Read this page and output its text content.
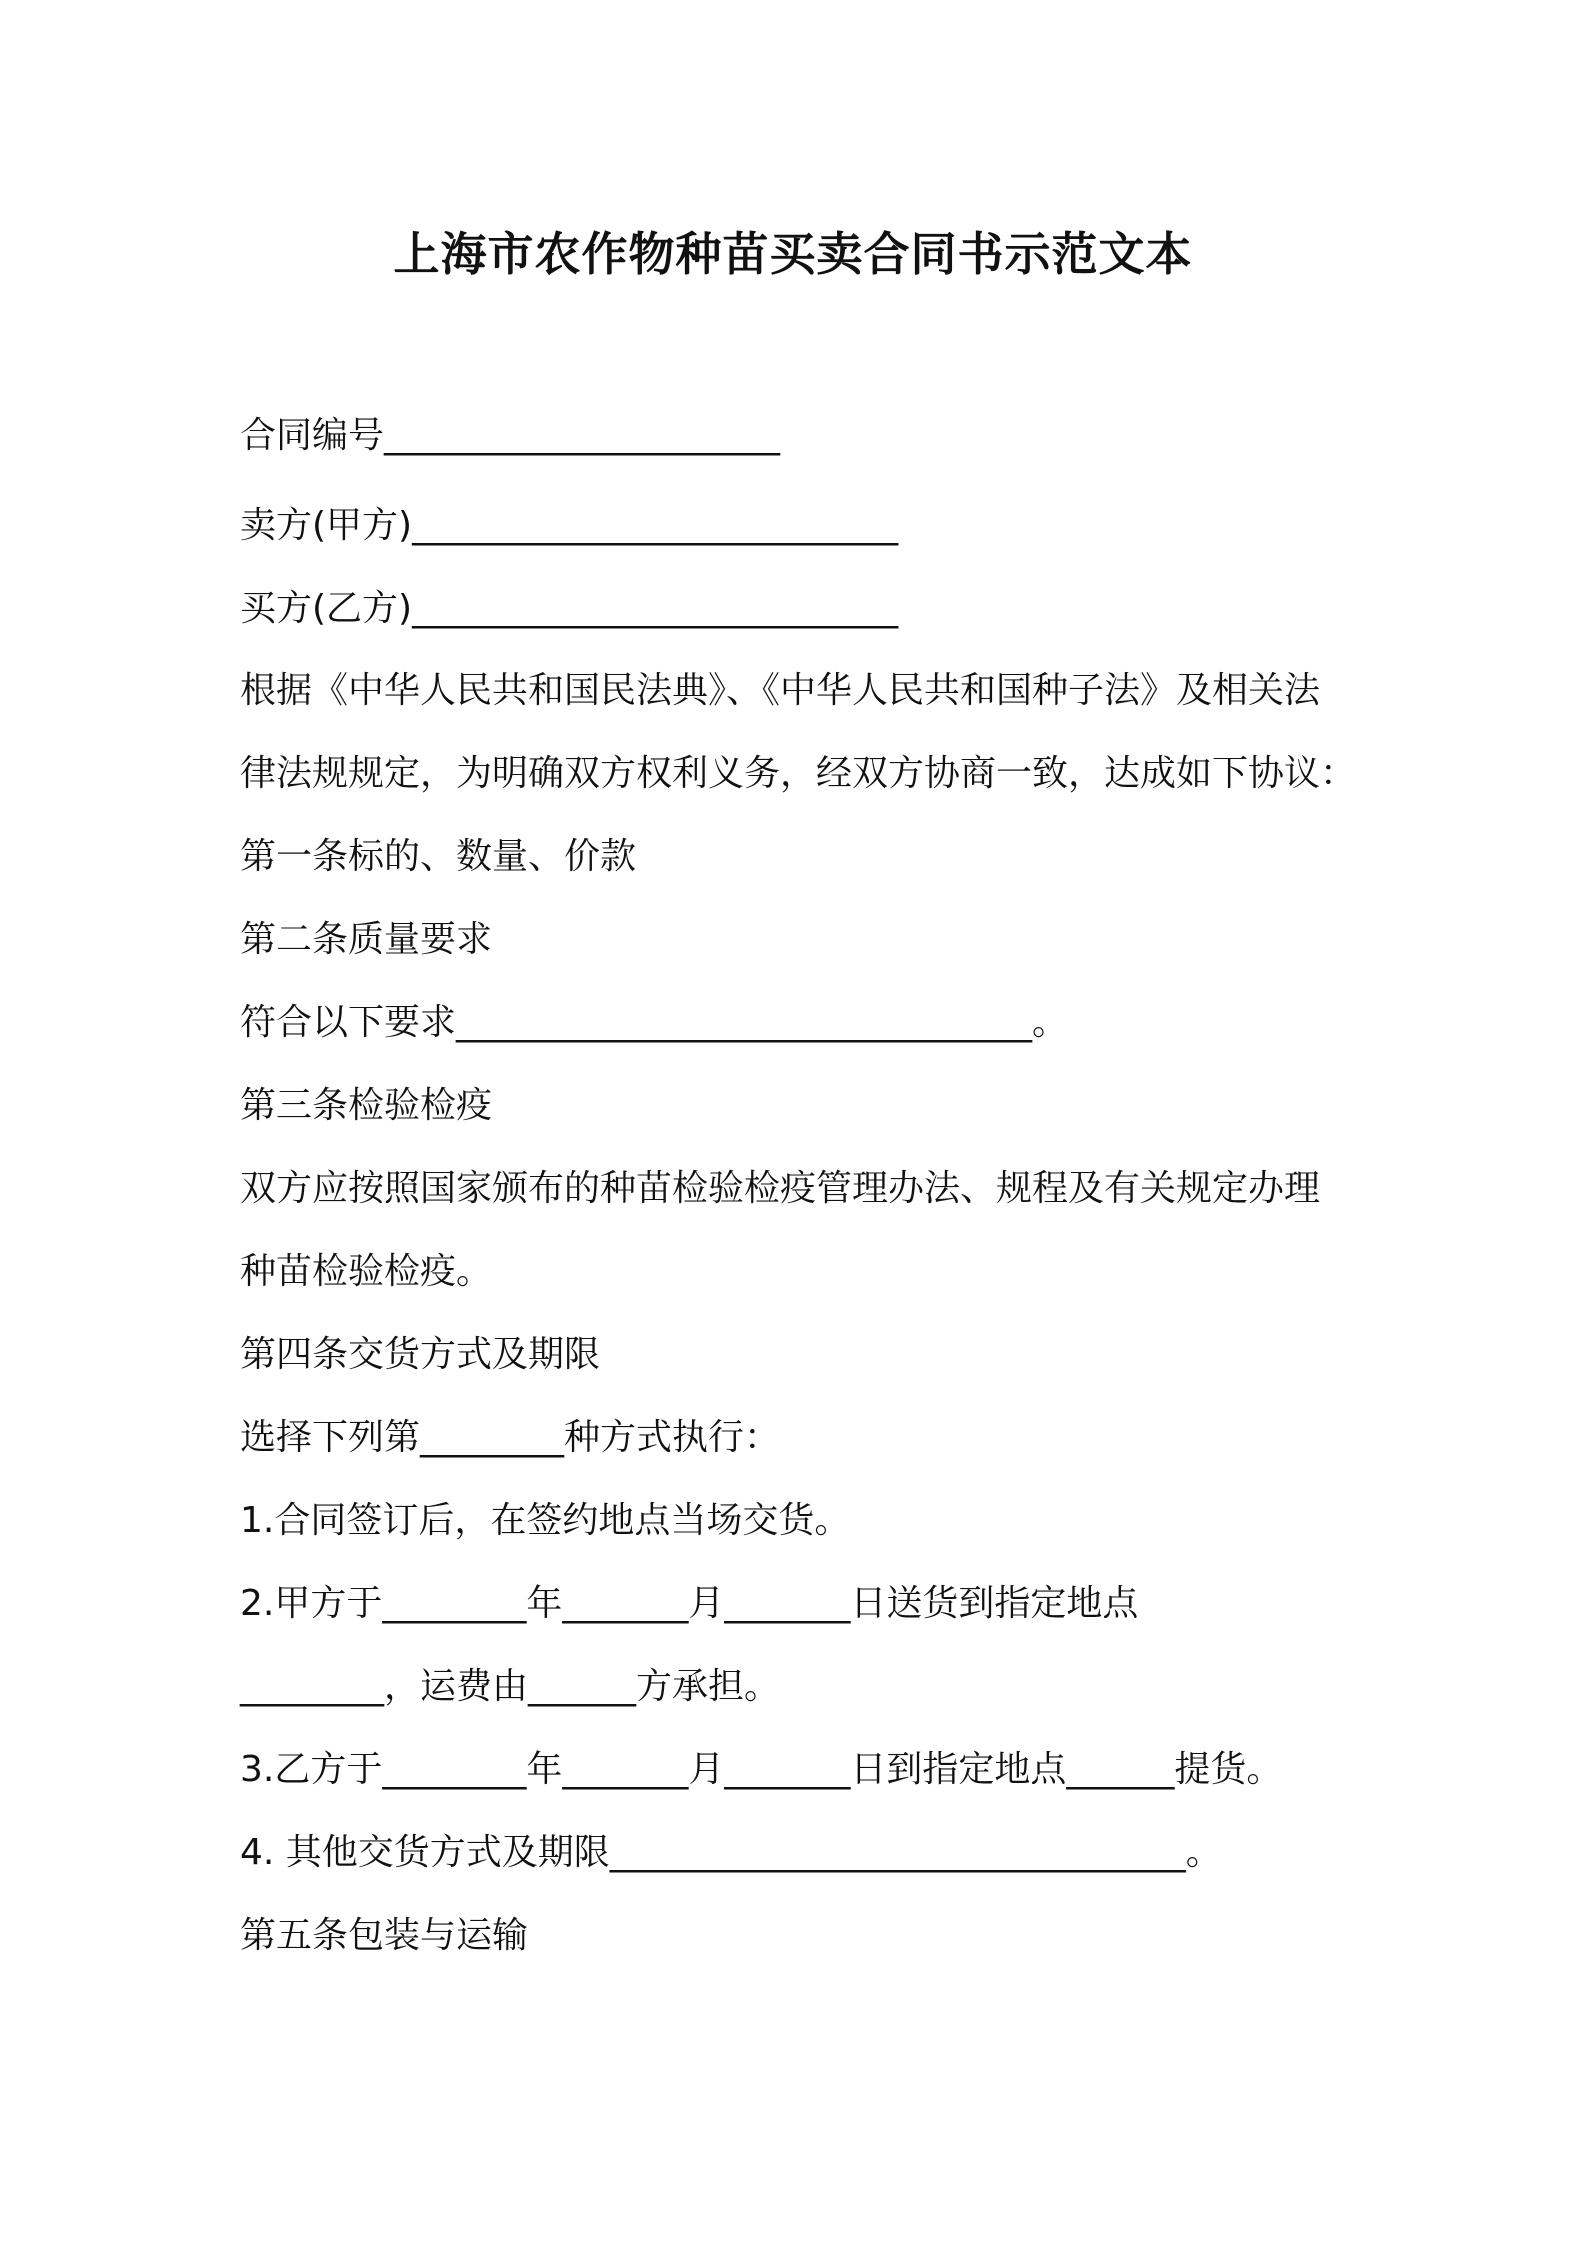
上海市农作物种苗买卖合同书示范文本
合同编号______________________
卖方(甲方)___________________________
买方(乙方)___________________________
根据《中华人民共和国民法典》、《中华人民共和国种子法》及相关法
律法规规定，为明确双方权利义务，经双方协商一致，达成如下协议：
第一条标的、数量、价款
第二条质量要求
符合以下要求________________________________。
第三条检验检疫
双方应按照国家颁布的种苗检验检疫管理办法、规程及有关规定办理
种苗检验检疫。
第四条交货方式及期限
选择下列第________种方式执行：
1.合同签订后，在签约地点当场交货。
2.甲方于________年_______月_______日送货到指定地点
________，运费由______方承担。
3.乙方于________年_______月_______日到指定地点______提货。
4. 其他交货方式及期限________________________________。
第五条包装与运输
